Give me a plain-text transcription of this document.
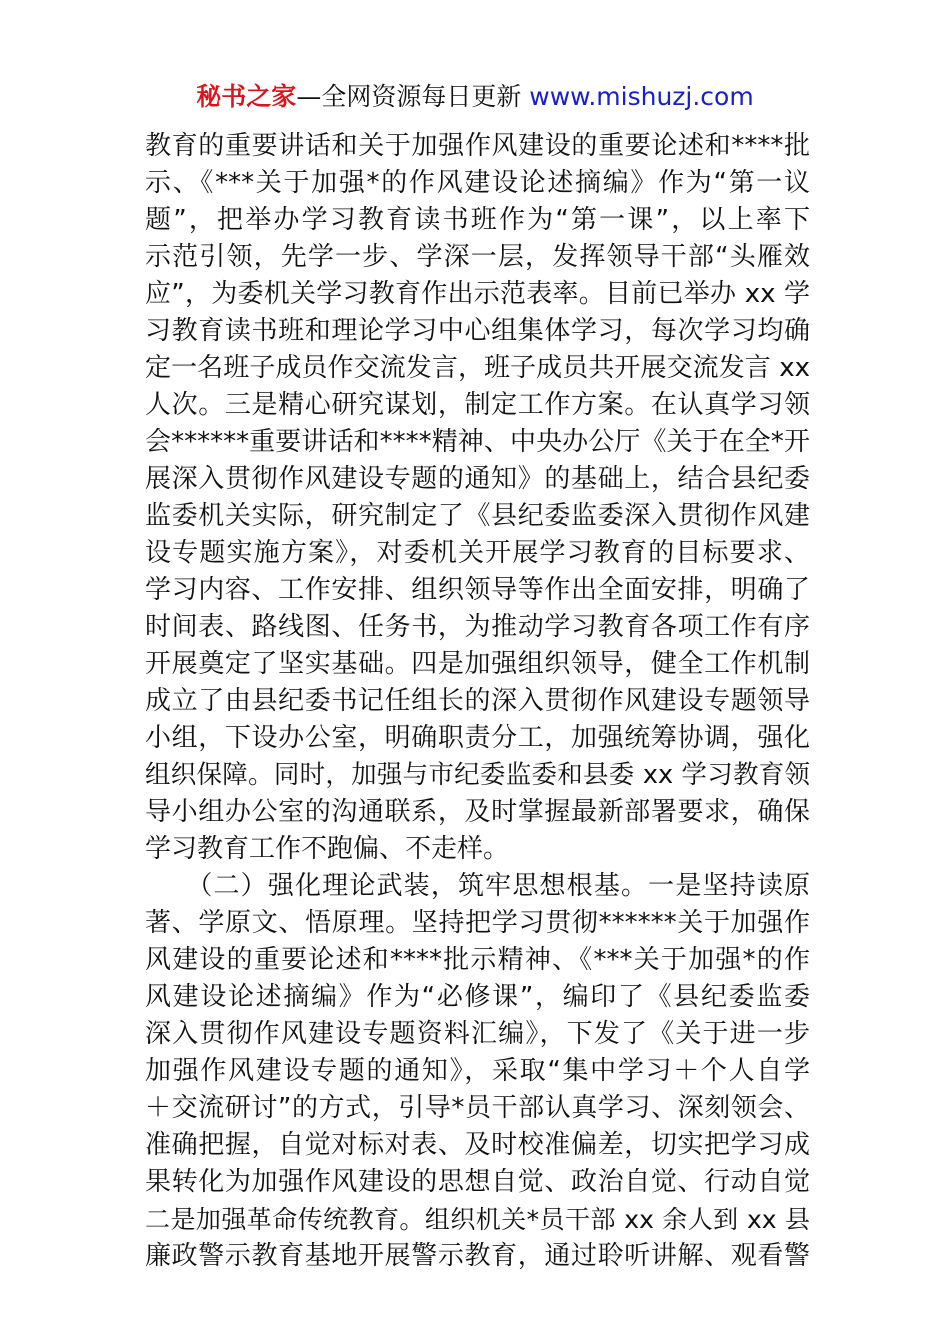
秘书之家—全网资源每日更新 www.mishuzj.com
教育的重要讲话和关于加强作风建设的重要论述和****批
示、《***关于加强*的作风建设论述摘编》作为“第一议
题”，把举办学习教育读书班作为“第一课”，以上率下
示范引领，先学一步、学深一层，发挥领导干部“头雁效
应”，为委机关学习教育作出示范表率。目前已举办 xx 学
习教育读书班和理论学习中心组集体学习，每次学习均确
定一名班子成员作交流发言，班子成员共开展交流发言 xx
人次。三是精心研究谋划，制定工作方案。在认真学习领
会******重要讲话和****精神、中央办公厅《关于在全*开
展深入贯彻作风建设专题的通知》的基础上，结合县纪委
监委机关实际，研究制定了《县纪委监委深入贯彻作风建
设专题实施方案》，对委机关开展学习教育的目标要求、
学习内容、工作安排、组织领导等作出全面安排，明确了
时间表、路线图、任务书，为推动学习教育各项工作有序
开展奠定了坚实基础。四是加强组织领导，健全工作机制
成立了由县纪委书记任组长的深入贯彻作风建设专题领导
小组，下设办公室，明确职责分工，加强统筹协调，强化
组织保障。同时，加强与市纪委监委和县委 xx 学习教育领
导小组办公室的沟通联系，及时掌握最新部署要求，确保
学习教育工作不跑偏、不走样。
　　（二）强化理论武装，筑牢思想根基。一是坚持读原
著、学原文、悟原理。坚持把学习贯彻******关于加强作
风建设的重要论述和****批示精神、《***关于加强*的作
风建设论述摘编》作为“必修课”，编印了《县纪委监委
深入贯彻作风建设专题资料汇编》，下发了《关于进一步
加强作风建设专题的通知》，采取“集中学习＋个人自学
＋交流研讨”的方式，引导*员干部认真学习、深刻领会、
准确把握，自觉对标对表、及时校准偏差，切实把学习成
果转化为加强作风建设的思想自觉、政治自觉、行动自觉
二是加强革命传统教育。组织机关*员干部 xx 余人到 xx 县
廉政警示教育基地开展警示教育，通过聆听讲解、观看警
